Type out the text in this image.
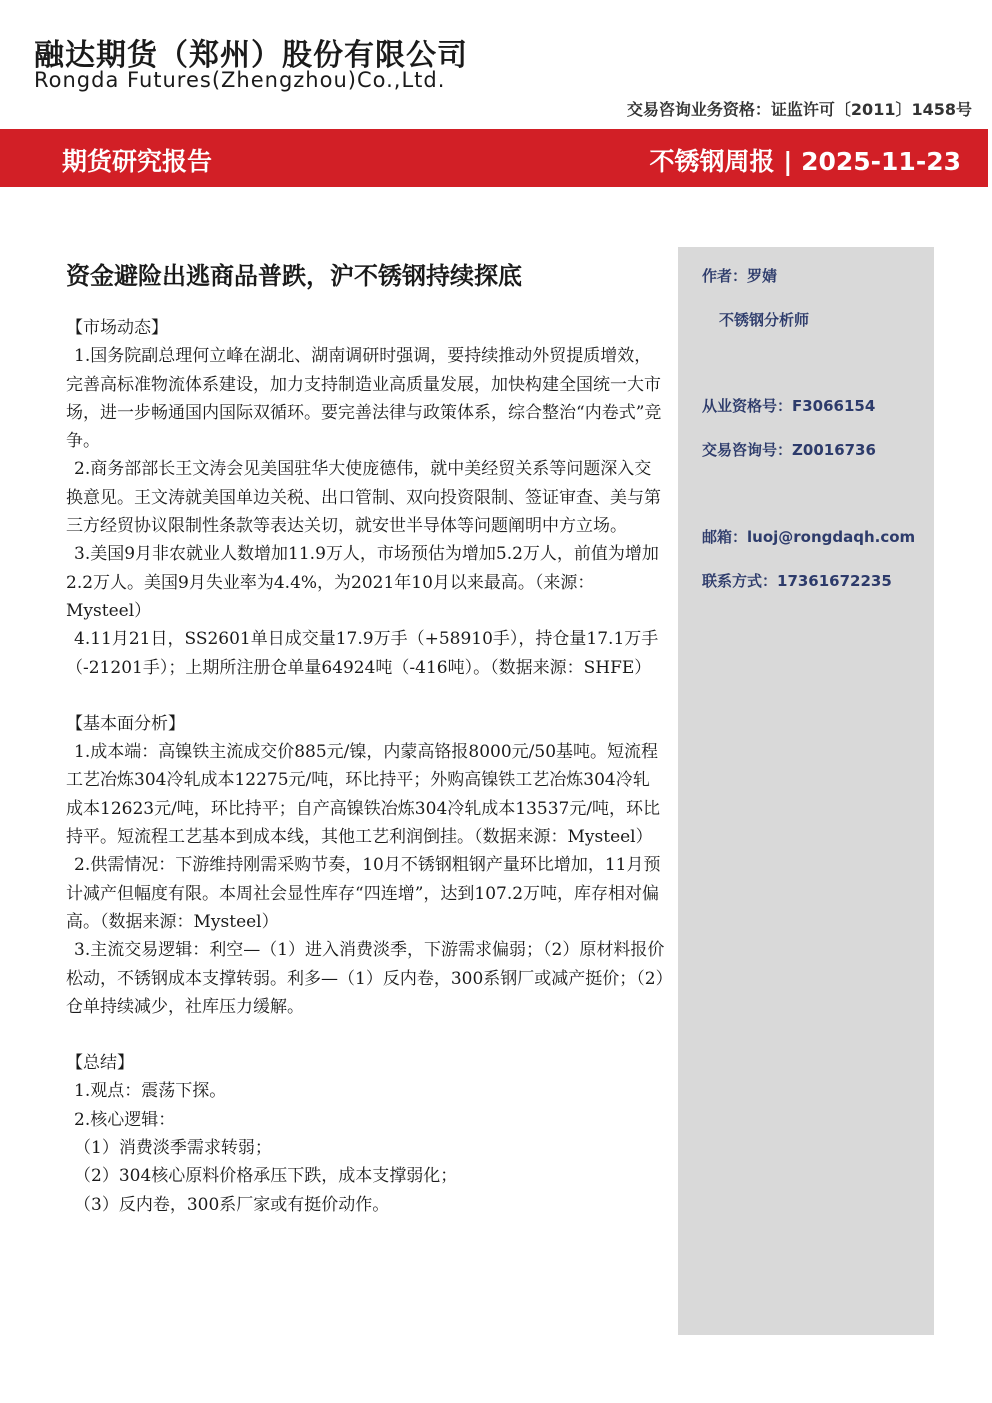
融达期货（郑州）股份有限公司
Rongda Futures(Zhengzhou)Co.,Ltd.
交易咨询业务资格：证监许可〔2011〕1458号
期货研究报告	不锈钢周报 | 2025-11-23
资金避险出逃商品普跌，沪不锈钢持续探底

【市场动态】

1.国务院副总理何立峰在湖北、湖南调研时强调，要持续推动外贸提质增效，完善高标准物流体系建设，加力支持制造业高质量发展，加快构建全国统一大市场，进一步畅通国内国际双循环。要完善法律与政策体系，综合整治“内卷式”竞争。

2.商务部部长王文涛会见美国驻华大使庞德伟，就中美经贸关系等问题深入交换意见。王文涛就美国单边关税、出口管制、双向投资限制、签证审查、美与第三方经贸协议限制性条款等表达关切，就安世半导体等问题阐明中方立场。

3.美国9月非农就业人数增加11.9万人，市场预估为增加5.2万人，前值为增加2.2万人。美国9月失业率为4.4%，为2021年10月以来最高。（来源：Mysteel）

4.11月21日，SS2601单日成交量17.9万手（+58910手），持仓量17.1万手（-21201手）；上期所注册仓单量64924吨（-416吨）。（数据来源：SHFE）

【基本面分析】

1.成本端：高镍铁主流成交价885元/镍，内蒙高铬报8000元/50基吨。短流程工艺冶炼304冷轧成本12275元/吨，环比持平；外购高镍铁工艺冶炼304冷轧成本12623元/吨，环比持平；自产高镍铁冶炼304冷轧成本13537元/吨，环比持平。短流程工艺基本到成本线，其他工艺利润倒挂。（数据来源：Mysteel）

2.供需情况：下游维持刚需采购节奏，10月不锈钢粗钢产量环比增加，11月预计减产但幅度有限。本周社会显性库存“四连增”，达到107.2万吨，库存相对偏高。（数据来源：Mysteel）

3.主流交易逻辑：利空—（1）进入消费淡季，下游需求偏弱；（2）原材料报价松动，不锈钢成本支撑转弱。利多—（1）反内卷，300系钢厂或减产挺价；（2）仓单持续减少，社库压力缓解。

【总结】

1.观点：震荡下探。

2.核心逻辑：

（1）消费淡季需求转弱；

（2）304核心原料价格承压下跌，成本支撑弱化；

（3）反内卷，300系厂家或有挺价动作。

作者：罗婧
不锈钢分析师
从业资格号：F3066154
交易咨询号：Z0016736
邮箱：luoj@rongdaqh.com
联系方式：17361672235
